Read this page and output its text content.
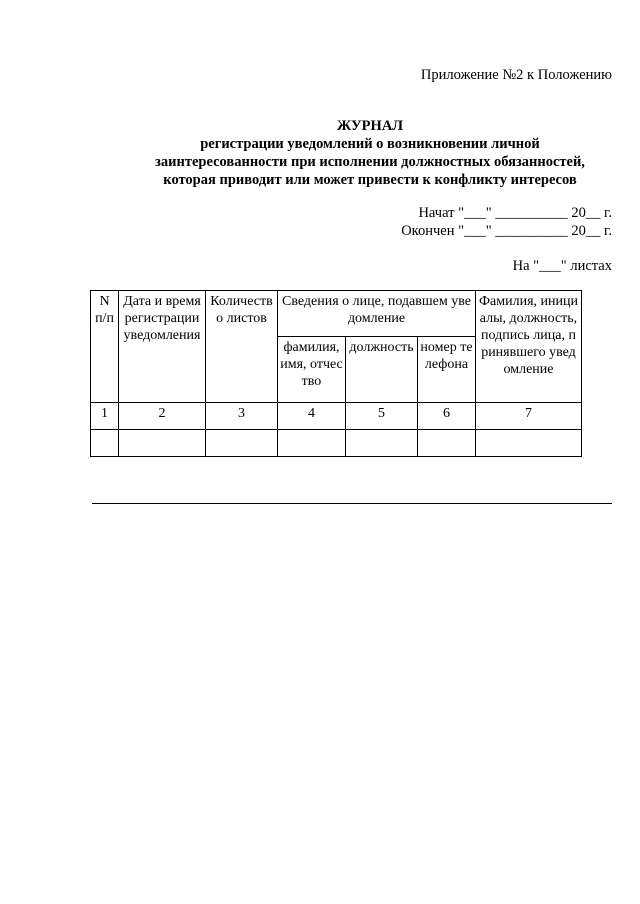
Приложение №2 к Положению
ЖУРНАЛ
регистрации уведомлений о возникновении личной
заинтересованности при исполнении должностных обязанностей,
которая приводит или может привести к конфликту интересов
Начат "___" __________ 20__ г.
Окончен "___" __________ 20__ г.
На "___" листах
N п/п	Дата и время регистрации уведомления	Количество листов	Сведения о лице, подавшем уведомление			Фамилия, инициалы, должность, подпись лица, принявшего уведомление
			фамилия, имя, отчество	должность	номер телефона	
1	2	3	4	5	6	7
